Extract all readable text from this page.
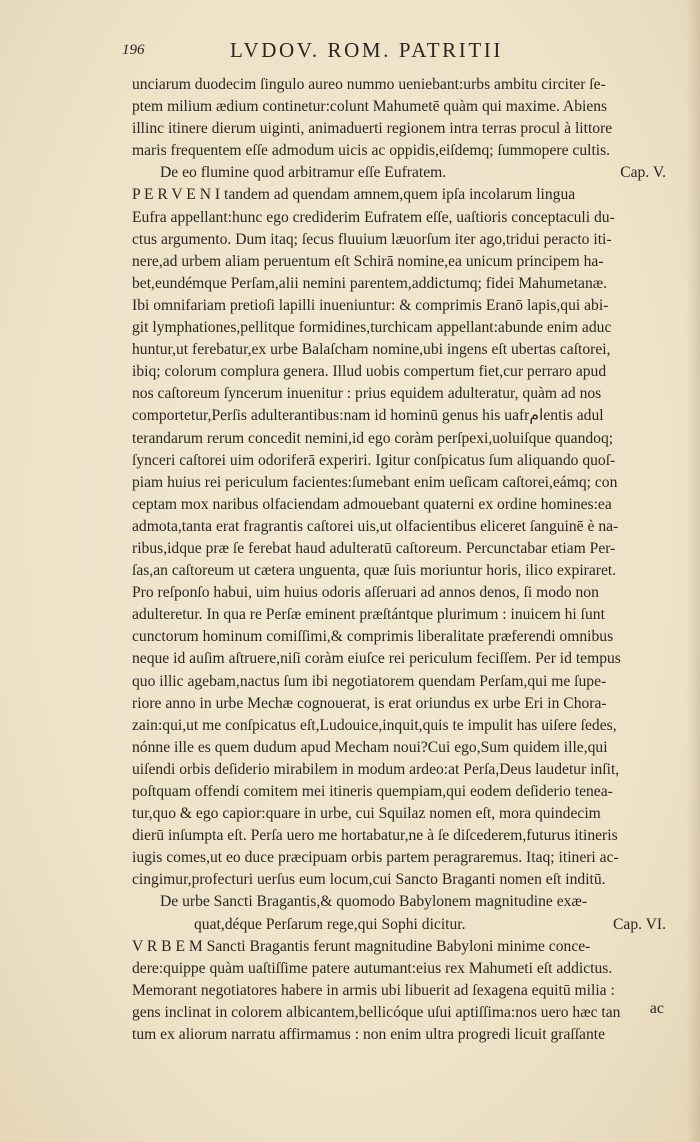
196	LVDOV. ROM. PATRITII
unciarum duodecim ſingulo aureo nummo ueniebant:urbs ambitu circiter ſe-
ptem milium ædium continetur:colunt Mahumetē quàm qui maxime. Abiens
illinc itinere dierum uiginti, animaduerti regionem intra terras procul à littore
maris frequentem eſſe admodum uicis ac oppidis,eiſdemq; ſummopere cultis.
De eo flumine quod arbitramur eſſe Eufratem.	Cap. V.
P E R V E N I tandem ad quendam amnem,quem ipſa incolarum lingua
Eufra appellant:hunc ego crediderim Eufratem eſſe, uaſtioris conceptaculi du-
ctus argumento. Dum itaq; ſecus fluuium læuorſum iter ago,tridui peracto iti-
nere,ad urbem aliam peruentum eſt Schirā nomine,ea unicum principem ha-
bet,eundémque Perſam,alii nemini parentem,addictumq; fidei Mahumetanæ.
Ibi omnifariam pretioſi lapilli inueniuntur: & comprimis Eranō lapis,qui abi-
git lymphationes,pellitque formidines,turchicam appellant:abunde enim aduc
huntur,ut ferebatur,ex urbe Balaſcham nomine,ubi ingens eſt ubertas caſtorei,
ibiq; colorum complura genera. Illud uobis compertum fiet,cur perraro apud
nos caſtoreum ſyncerum inuenitur : prius equidem adulteratur, quàm ad nos
comportetur,Perſis adulterantibus:nam id hominū genus his uafrامentis adul
terandarum rerum concedit nemini,id ego coràm perſpexi,uoluiſque quandoq;
ſynceri caſtorei uim odoriferā experiri. Igitur conſpicatus ſum aliquando quoſ-
piam huius rei periculum facientes:ſumebant enim ueſicam caſtorei,eámq; con
ceptam mox naribus olfaciendam admouebant quaterni ex ordine homines:ea
admota,tanta erat fragrantis caſtorei uis,ut olfacientibus eliceret ſanguinē è na-
ribus,idque præ ſe ferebat haud adulteratū caſtoreum. Percunctabar etiam Per-
ſas,an caſtoreum ut cætera unguenta, quæ ſuis moriuntur horis, ilico expiraret.
Pro reſponſo habui, uim huius odoris aſſeruari ad annos denos, ſi modo non
adulteretur. In qua re Perſæ eminent præſtántque plurimum : inuicem hi ſunt
cunctorum hominum comiſſimi,& comprimis liberalitate præferendi omnibus
neque id auſim aſtruere,niſi coràm eiuſce rei periculum feciſſem. Per id tempus
quo illic agebam,nactus ſum ibi negotiatorem quendam Perſam,qui me ſupe-
riore anno in urbe Mechæ cognouerat, is erat oriundus ex urbe Eri in Chora-
zain:qui,ut me conſpicatus eſt,Ludouice,inquit,quis te impulit has uiſere ſedes,
nónne ille es quem dudum apud Mecham noui?Cui ego,Sum quidem ille,qui
uiſendi orbis deſiderio mirabilem in modum ardeo:at Perſa,Deus laudetur inſit,
poſtquam offendi comitem mei itineris quempiam,qui eodem deſiderio tenea-
tur,quo & ego capior:quare in urbe, cui Squilaz nomen eſt, mora quindecim
dierū inſumpta eſt. Perſa uero me hortabatur,ne à ſe diſcederem,futurus itineris
iugis comes,ut eo duce præcipuam orbis partem peragraremus. Itaq; itineri ac-
cingimur,profecturi uerſus eum locum,cui Sancto Braganti nomen eſt inditū.
De urbe Sancti Bragantis,& quomodo Babylonem magnitudine exæ-
quat,déque Perſarum rege,qui Sophi dicitur.	Cap. VI.
V R B E M Sancti Bragantis ferunt magnitudine Babyloni minime conce-
dere:quippe quàm uaſtiſſime patere autumant:eius rex Mahumeti eſt addictus.
Memorant negotiatores habere in armis ubi libuerit ad ſexagena equitū milia :
gens inclinat in colorem albicantem,bellicóque uſui aptiſſima:nos uero hæc tan
tum ex aliorum narratu affirmamus : non enim ultra progredi licuit graſſante
ac
